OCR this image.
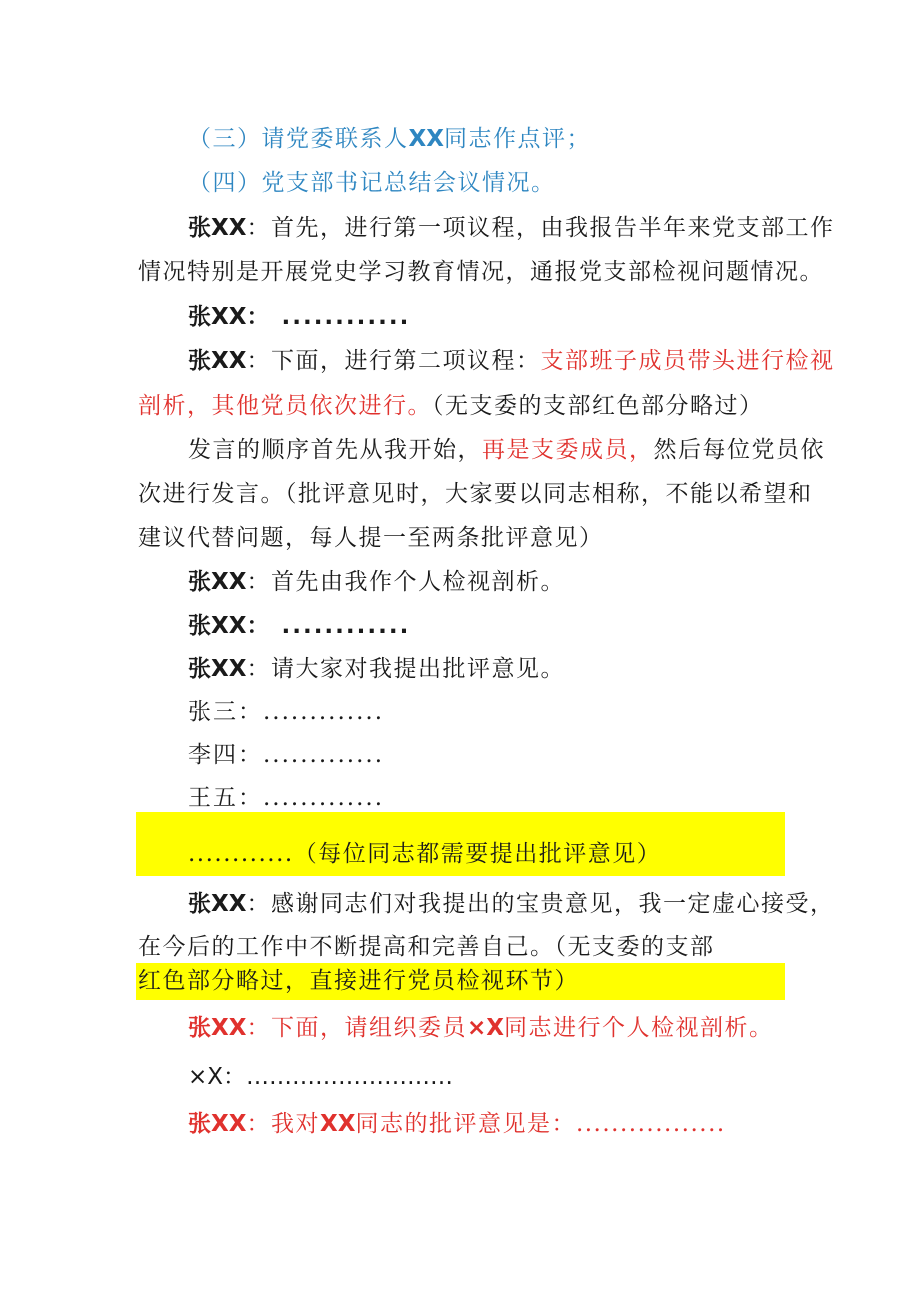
（三）请党委联系人XX同志作点评；
（四）党支部书记总结会议情况。
张XX：首先，进行第一项议程，由我报告半年来党支部工作
情况特别是开展党史学习教育情况，通报党支部检视问题情况。
张XX： ............
张XX：下面，进行第二项议程：支部班子成员带头进行检视
剖析，其他党员依次进行。（无支委的支部红色部分略过）
发言的顺序首先从我开始，再是支委成员，然后每位党员依
次进行发言。（批评意见时，大家要以同志相称，不能以希望和
建议代替问题，每人提一至两条批评意见）
张XX：首先由我作个人检视剖析。
张XX： ............
张XX：请大家对我提出批评意见。
张三：.............
李四：.............
王五：.............
............（每位同志都需要提出批评意见）
张XX：感谢同志们对我提出的宝贵意见，我一定虚心接受，
在今后的工作中不断提高和完善自己。（无支委的支部
红色部分略过，直接进行党员检视环节）
张XX：下面，请组织委员×X同志进行个人检视剖析。
×X：………………………
张XX：我对XX同志的批评意见是：.................
